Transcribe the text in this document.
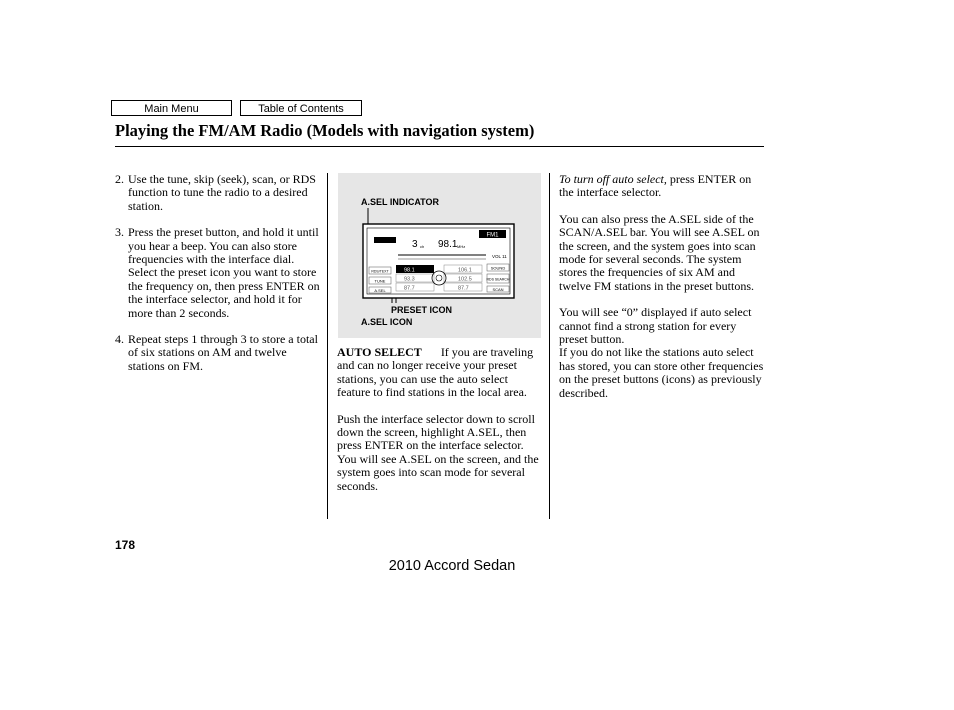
Main Menu	Table of Contents
Playing the FM/AM Radio (Models with navigation system)
2. Use the tune, skip (seek), scan, or RDS function to tune the radio to a desired station.
3. Press the preset button, and hold it until you hear a beep. You can also store frequencies with the interface dial. Select the preset icon you want to store the frequency on, then press ENTER on the interface selector, and hold it for more than 2 seconds.
4. Repeat steps 1 through 3 to store a total of six stations on AM and twelve stations on FM.
A.SEL INDICATOR
PRESET ICON
A.SEL ICON
FM1
3 ch 98.1 MHz
VOL 11
RDS/TEXT
TUNE
A.SEL
98.1
93.3
87.7
106.1
102.5
87.7
SOUND
RDS SEARCH
SCAN

AUTO SELECT If you are traveling and can no longer receive your preset stations, you can use the auto select feature to find stations in the local area.

Push the interface selector down to scroll down the screen, highlight A.SEL, then press ENTER on the interface selector. You will see A.SEL on the screen, and the system goes into scan mode for several seconds.

To turn off auto select, press ENTER on the interface selector.

You can also press the A.SEL side of the SCAN/A.SEL bar. You will see A.SEL on the screen, and the system goes into scan mode for several seconds. The system stores the frequencies of six AM and twelve FM stations in the preset buttons.

You will see “0” displayed if auto select cannot find a strong station for every preset button.

If you do not like the stations auto select has stored, you can store other frequencies on the preset buttons (icons) as previously described.

178
2010 Accord Sedan
